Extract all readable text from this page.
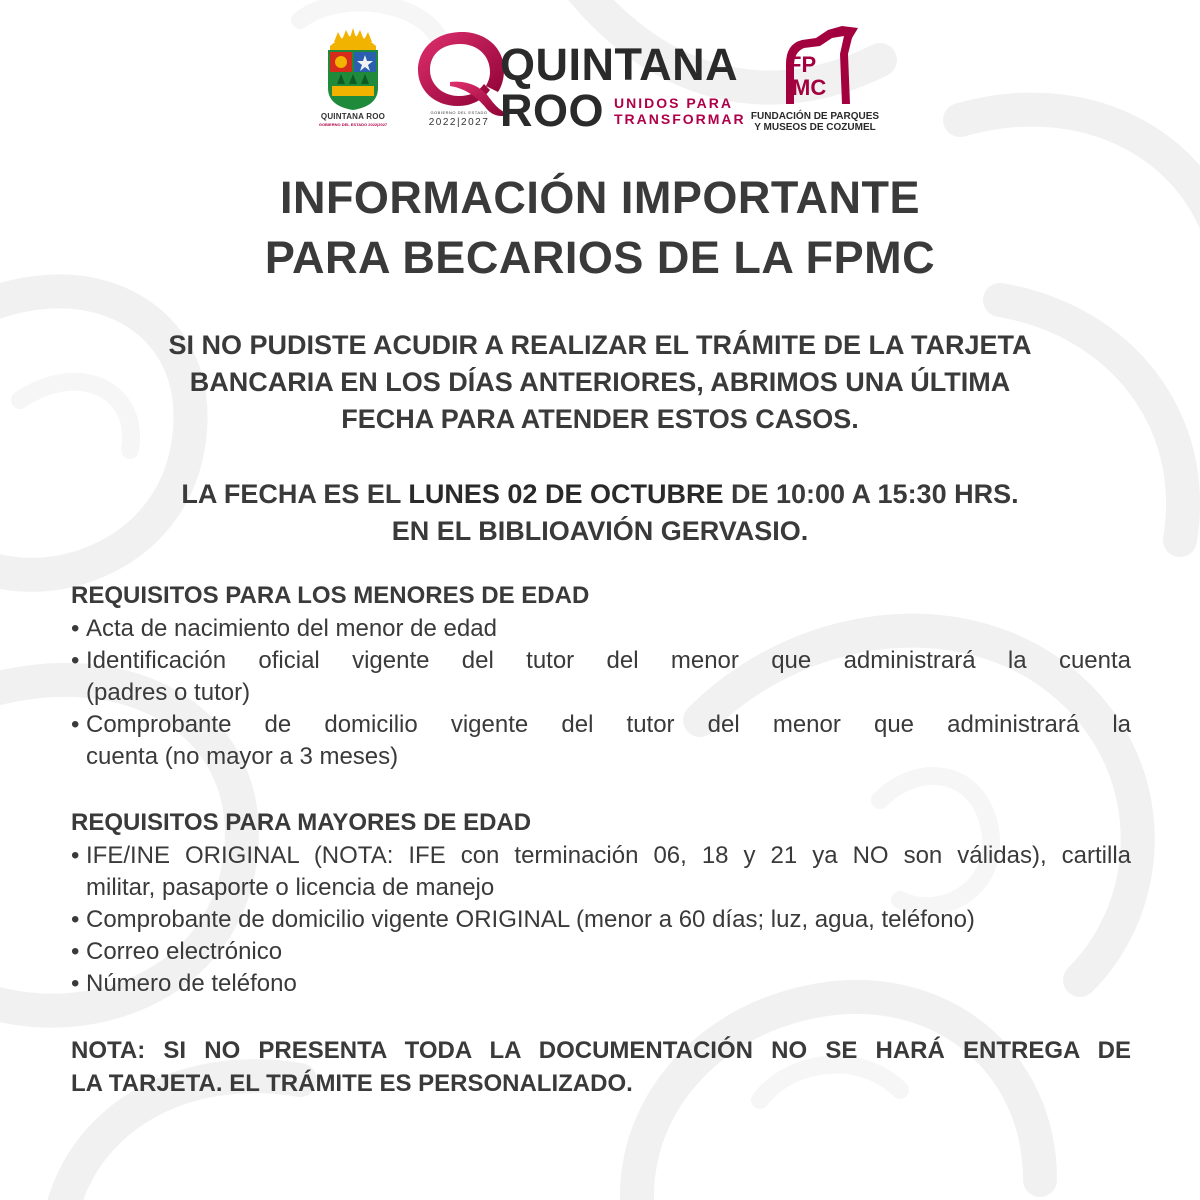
QUINTANA ROO
GOBIERNO DEL ESTADO 2022|2027
QUINTANA
ROO UNIDOS PARA
TRANSFORMAR
GOBIERNO DEL ESTADO
2022|2027
FP
MC
FUNDACIÓN DE PARQUES
Y MUSEOS DE COZUMEL
INFORMACIÓN IMPORTANTE
PARA BECARIOS DE LA FPMC
SI NO PUDISTE ACUDIR A REALIZAR EL TRÁMITE DE LA TARJETA
BANCARIA EN LOS DÍAS ANTERIORES, ABRIMOS UNA ÚLTIMA
FECHA PARA ATENDER ESTOS CASOS.
LA FECHA ES EL LUNES 02 DE OCTUBRE DE 10:00 A 15:30 HRS.
EN EL BIBLIOAVIÓN GERVASIO.
REQUISITOS PARA LOS MENORES DE EDAD
• Acta de nacimiento del menor de edad
• Identificación oficial vigente del tutor del menor que administrará la cuenta
(padres o tutor)
• Comprobante de domicilio vigente del tutor del menor que administrará la
cuenta (no mayor a 3 meses)
REQUISITOS PARA MAYORES DE EDAD
• IFE/INE ORIGINAL (NOTA: IFE con terminación 06, 18 y 21 ya NO son válidas), cartilla
militar, pasaporte o licencia de manejo
• Comprobante de domicilio vigente ORIGINAL (menor a 60 días; luz, agua, teléfono)
• Correo electrónico
• Número de teléfono
NOTA: SI NO PRESENTA TODA LA DOCUMENTACIÓN NO SE HARÁ ENTREGA DE
LA TARJETA. EL TRÁMITE ES PERSONALIZADO.
